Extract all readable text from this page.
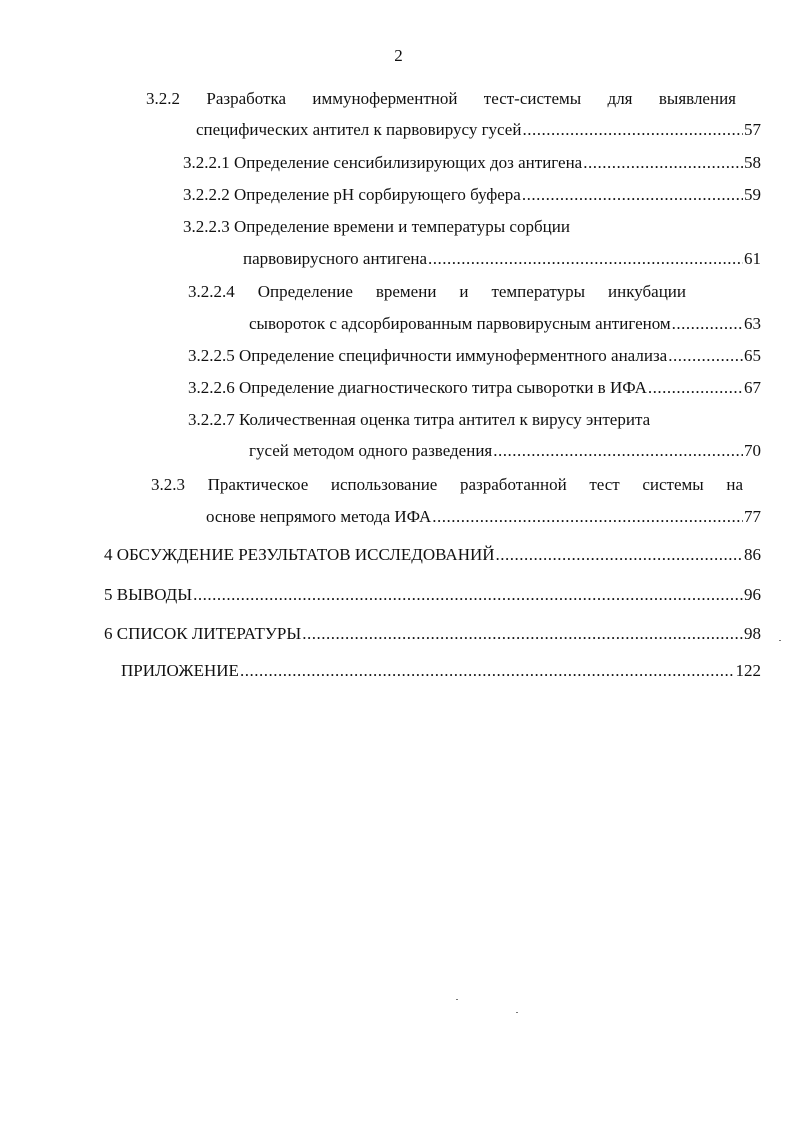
2
3.2.2 Разработка иммуноферментной тест-системы для выявления
специфических антител к парвовирусу гусей .....	57
3.2.2.1 Определение сенсибилизирующих доз антигена .....	58
3.2.2.2 Определение pH сорбирующего буфера .....	59
3.2.2.3 Определение времени и температуры сорбции
парвовирусного антигена .....	61
3.2.2.4 Определение времени и температуры инкубации
сывороток с адсорбированным парвовирусным антигеном .....	63
3.2.2.5 Определение специфичности иммуноферментного анализа .....	65
3.2.2.6 Определение диагностического титра сыворотки в ИФА .....	67
3.2.2.7 Количественная оценка титра антител к вирусу энтерита
гусей методом одного разведения .....	70
3.2.3 Практическое использование разработанной тест системы на
основе непрямого метода ИФА .....	77
4 ОБСУЖДЕНИЕ РЕЗУЛЬТАТОВ ИССЛЕДОВАНИЙ .....	86
5 ВЫВОДЫ .....	96
6 СПИСОК ЛИТЕРАТУРЫ .....	98
ПРИЛОЖЕНИЕ .....	122
